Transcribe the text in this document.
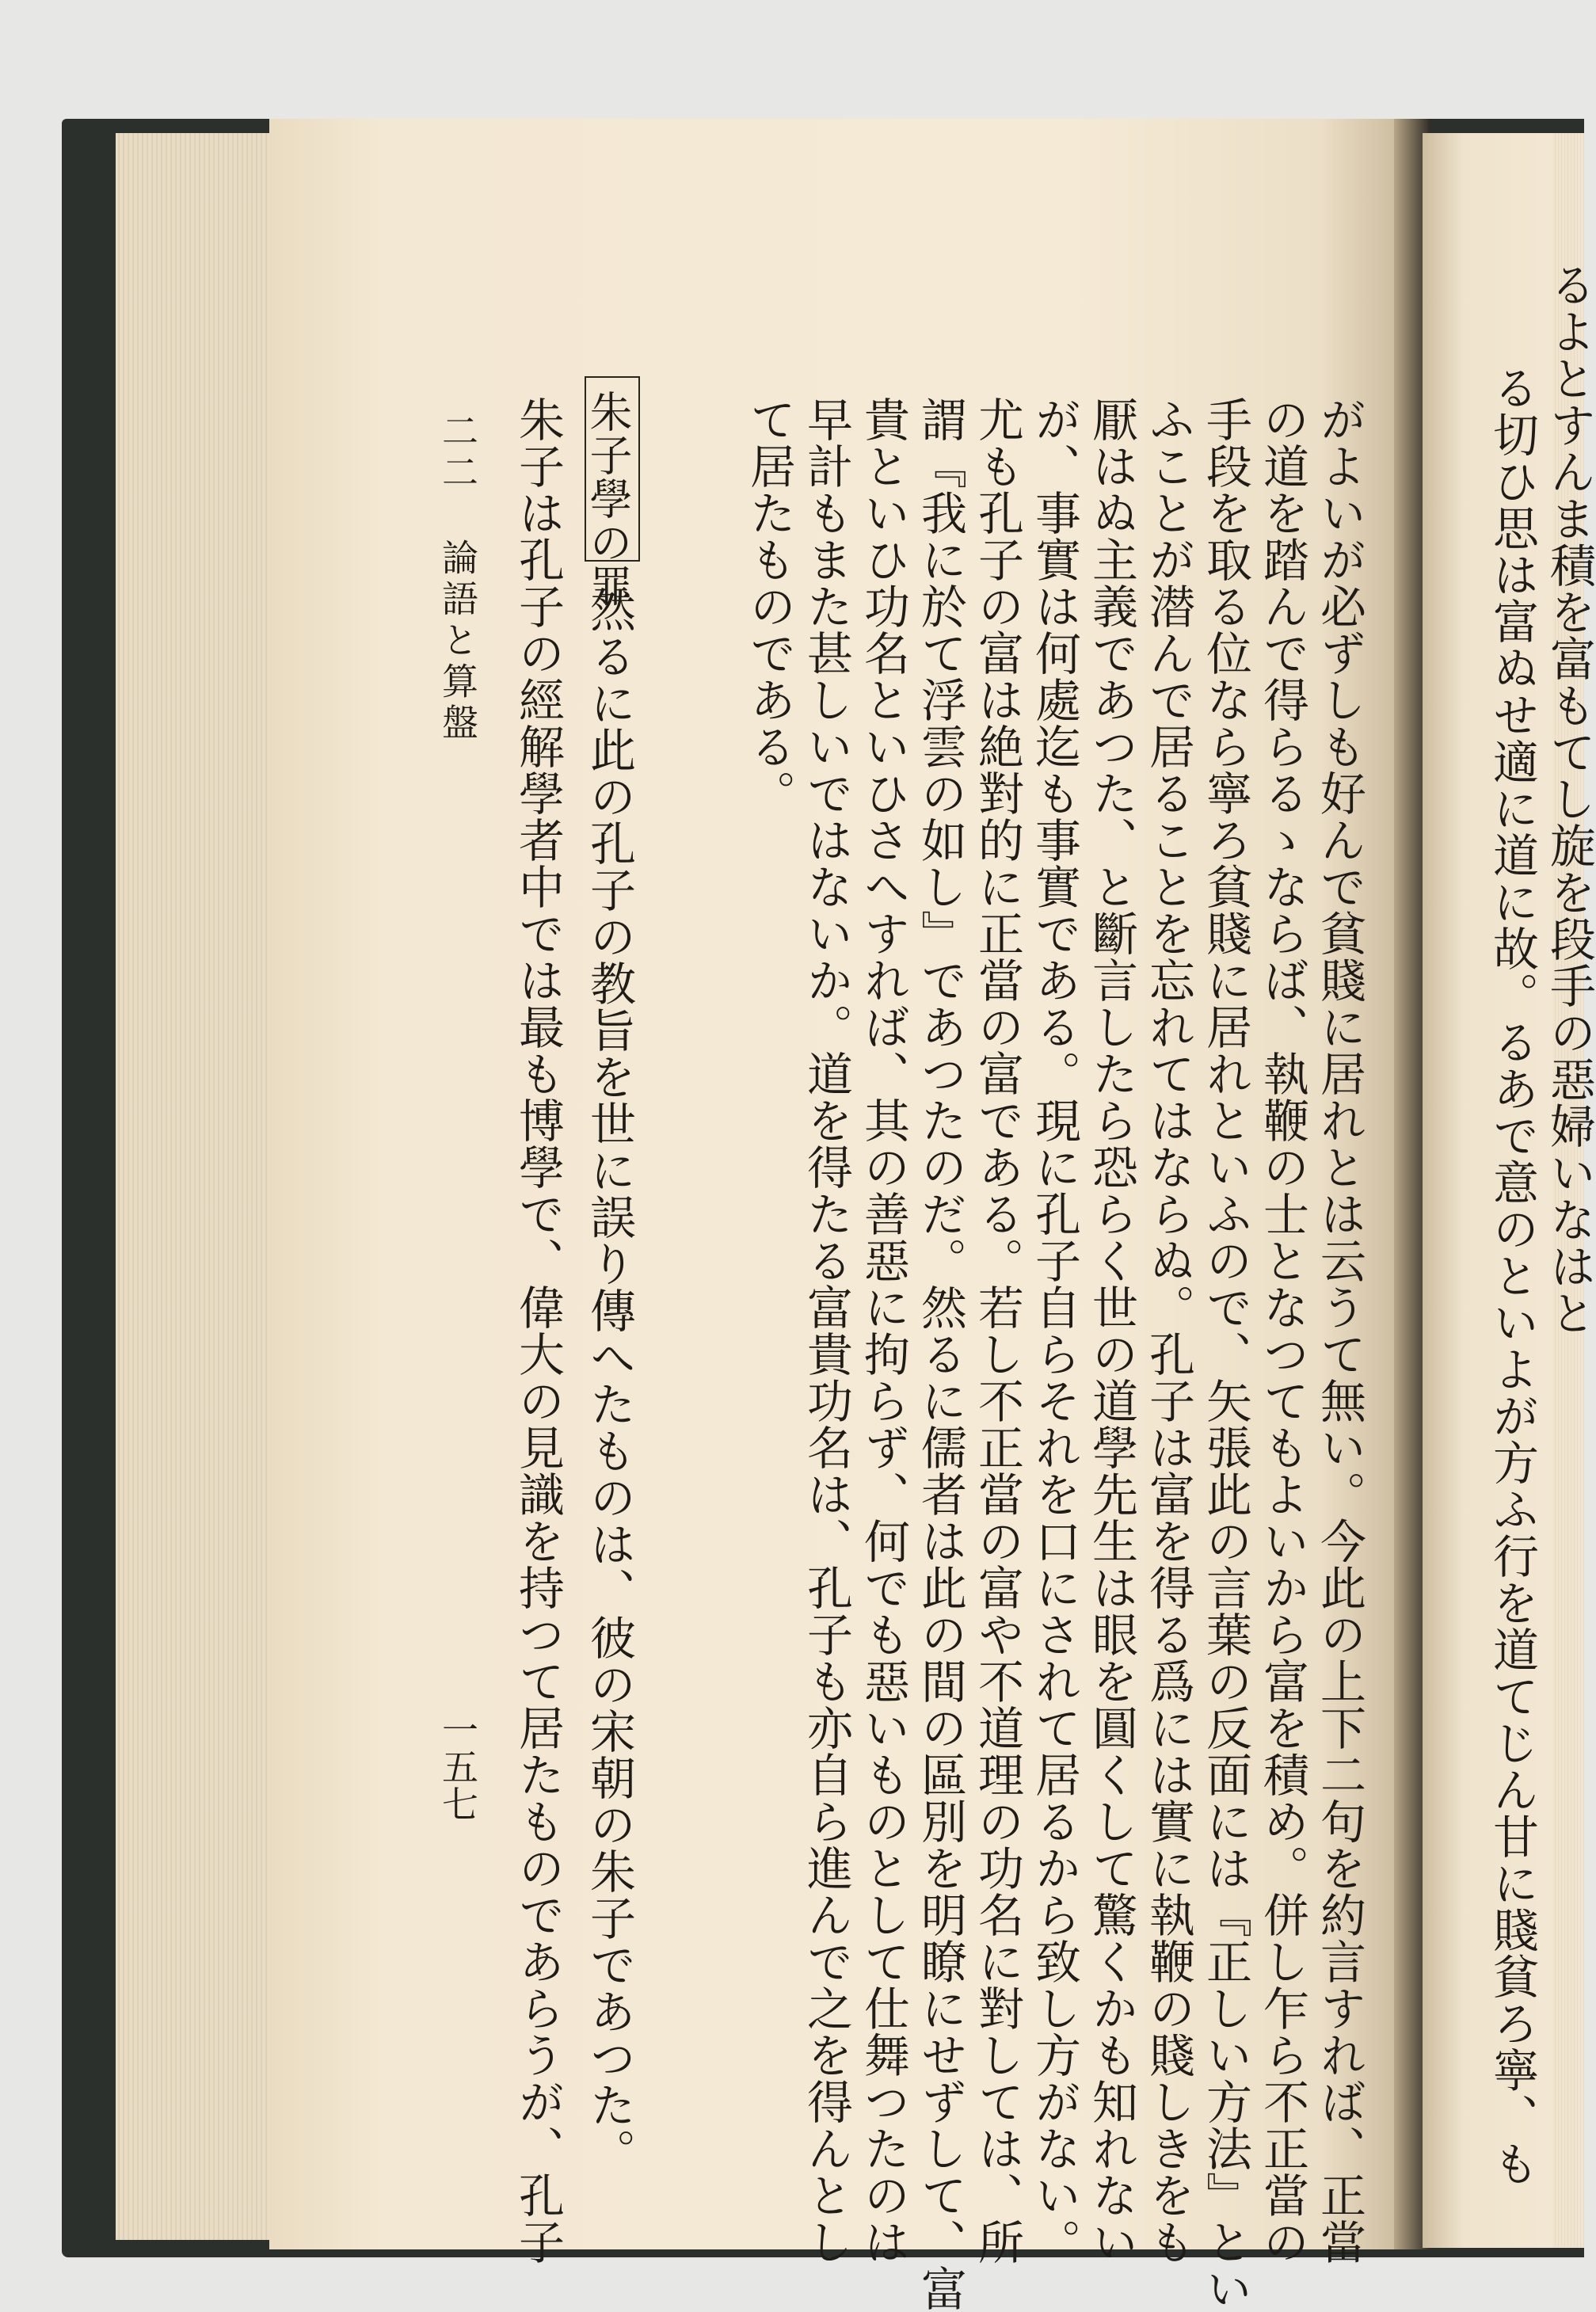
がよいが必ずしも好んで貧賤に居れとは云うて無い。今此の上下二句を約言すれば、正當
の道を踏んで得らるゝならば、執鞭の士となつてもよいから富を積め。併し乍ら不正當の
手段を取る位なら寧ろ貧賤に居れといふので、矢張此の言葉の反面には『正しい方法』とい
ふことが潜んで居ることを忘れてはならぬ。孔子は富を得る爲には實に執鞭の賤しきをも
厭はぬ主義であつた、と斷言したら恐らく世の道學先生は眼を圓くして驚くかも知れない
が、事實は何處迄も事實である。現に孔子自らそれを口にされて居るから致し方がない。
尤も孔子の富は絶對的に正當の富である。若し不正當の富や不道理の功名に對しては、所
謂『我に於て浮雲の如し』であつたのだ。然るに儒者は此の間の區別を明瞭にせずして、富
貴といひ功名といひさへすれば、其の善惡に拘らず、何でも惡いものとして仕舞つたのは
早計もまた甚しいではないか。道を得たる富貴功名は、孔子も亦自ら進んで之を得んとし
て居たものである。
朱子學の罪
然るに此の孔子の教旨を世に誤り傳へたものは、彼の宋朝の朱子であつた。
朱子は孔子の經解學者中では最も博學で、偉大の見識を持つて居たものであらうが、孔子
二二
論語と算盤
一五七
るよとすんま積を富もてし旋を段手の惡婦いなはと
る切ひ思は富ぬせ適に道に故。るあで意のといよが方ふ行を道てじん甘に賤貧ろ寧、も
